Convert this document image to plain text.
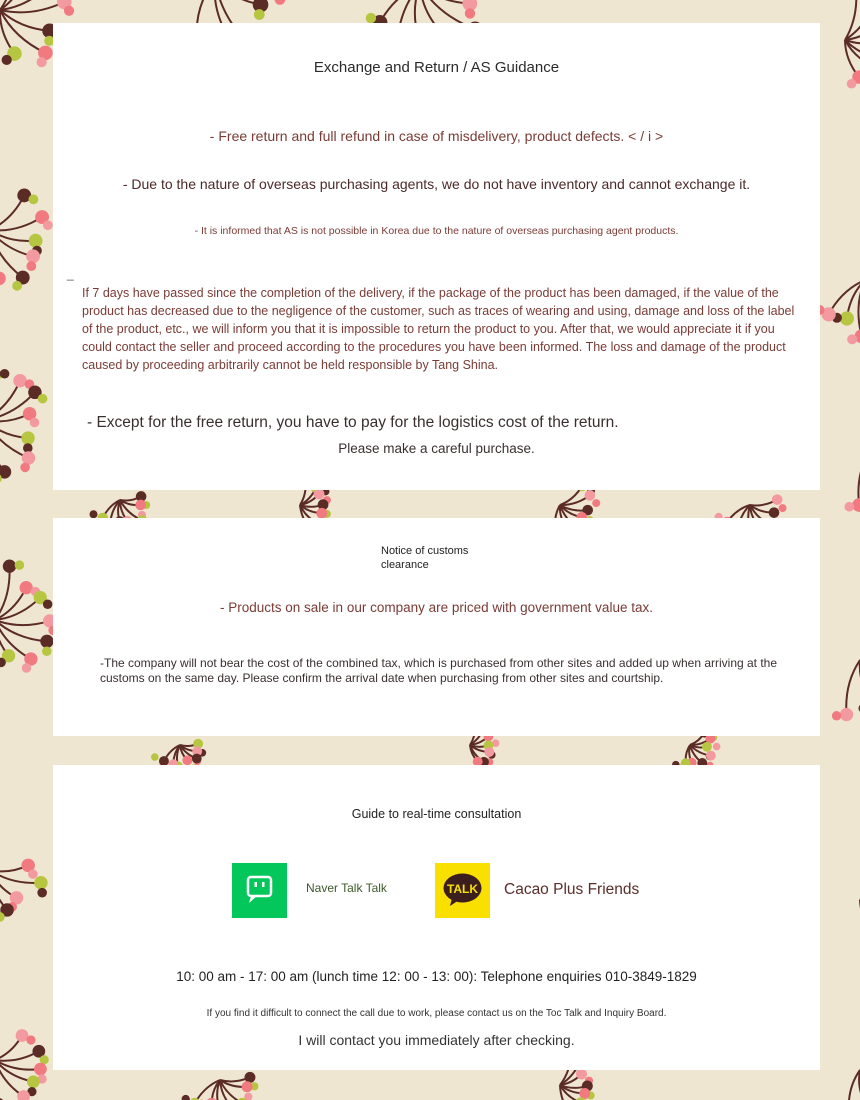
Exchange and Return / AS Guidance
- Free return and full refund in case of misdelivery, product defects. < / i >
- Due to the nature of overseas purchasing agents, we do not have inventory and cannot exchange it.
- It is informed that AS is not possible in Korea due to the nature of overseas purchasing agent products.
_
If 7 days have passed since the completion of the delivery, if the package of the product has been damaged, if the value of the product has decreased due to the negligence of the customer, such as traces of wearing and using, damage and loss of the label of the product, etc., we will inform you that it is impossible to return the product to you. After that, we would appreciate it if you could contact the seller and proceed according to the procedures you have been informed. The loss and damage of the product caused by proceeding arbitrarily cannot be held responsible by Tang Shina.
- Except for the free return, you have to pay for the logistics cost of the return.
Please make a careful purchase.
Notice of customs
clearance
- Products on sale in our company are priced with government value tax.
-The company will not bear the cost of the combined tax, which is purchased from other sites and added up when arriving at the customs on the same day. Please confirm the arrival date when purchasing from other sites and courtship.
Guide to real-time consultation
Naver Talk Talk	TALK Cacao Plus Friends
10: 00 am - 17: 00 am (lunch time 12: 00 - 13: 00): Telephone enquiries 010-3849-1829
If you find it difficult to connect the call due to work, please contact us on the Toc Talk and Inquiry Board.
I will contact you immediately after checking.
